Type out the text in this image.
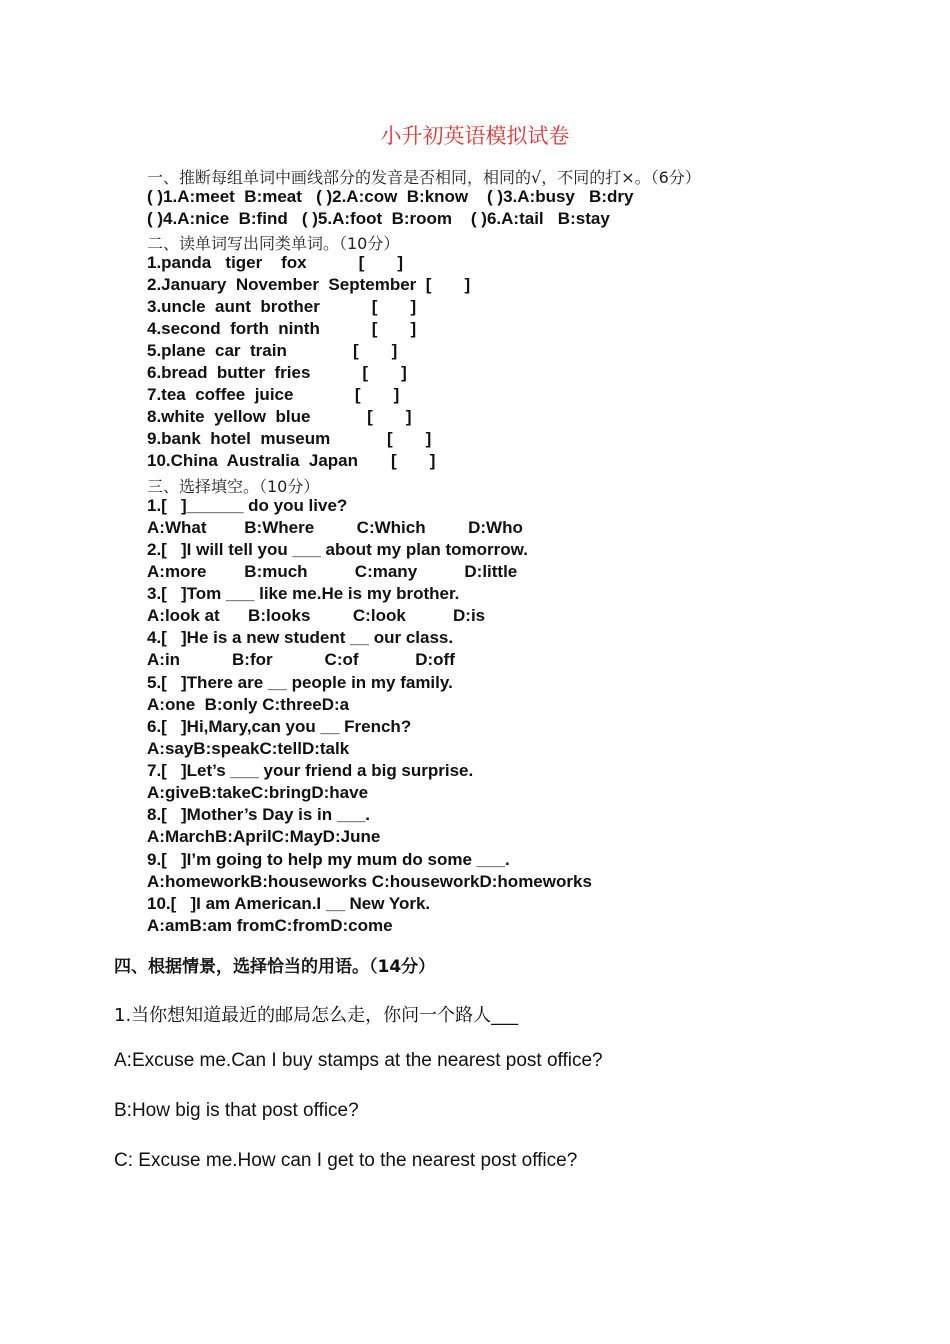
小升初英语模拟试卷
一、推断每组单词中画线部分的发音是否相同，相同的√，不同的打×。（6分）
( )1.A:meet  B:meat   ( )2.A:cow  B:know    ( )3.A:busy   B:dry
( )4.A:nice  B:find   ( )5.A:foot  B:room    ( )6.A:tail   B:stay
二、读单词写出同类单词。（10分）
1.panda   tiger    fox           [       ]
2.January  November  September  [       ]
3.uncle  aunt  brother           [       ]
4.second  forth  ninth           [       ]
5.plane  car  train              [       ]
6.bread  butter  fries           [       ]
7.tea  coffee  juice             [       ]
8.white  yellow  blue            [       ]
9.bank  hotel  museum            [       ]
10.China  Australia  Japan       [       ]
三、选择填空。（10分）
1.[   ]______ do you live?
A:What        B:Where         C:Which         D:Who
2.[   ]I will tell you ___ about my plan tomorrow.
A:more        B:much          C:many          D:little
3.[   ]Tom ___ like me.He is my brother.
A:look at      B:looks         C:look          D:is
4.[   ]He is a new student __ our class.
A:in           B:for           C:of            D:off
5.[   ]There are __ people in my family.
A:one  B:only C:threeD:a
6.[   ]Hi,Mary,can you __ French?
A:sayB:speakC:tellD:talk
7.[   ]Let’s ___ your friend a big surprise.
A:giveB:takeC:bringD:have
8.[   ]Mother’s Day is in ___.
A:MarchB:AprilC:MayD:June
9.[   ]I’m going to help my mum do some ___.
A:homeworkB:houseworks C:houseworkD:homeworks
10.[   ]I am American.I __ New York.
A:amB:am fromC:fromD:come
四、根据情景，选择恰当的用语。（14分）
1.当你想知道最近的邮局怎么走，你问一个路人___
A:Excuse me.Can I buy stamps at the nearest post office?
B:How big is that post office?
C: Excuse me.How can I get to the nearest post office?
